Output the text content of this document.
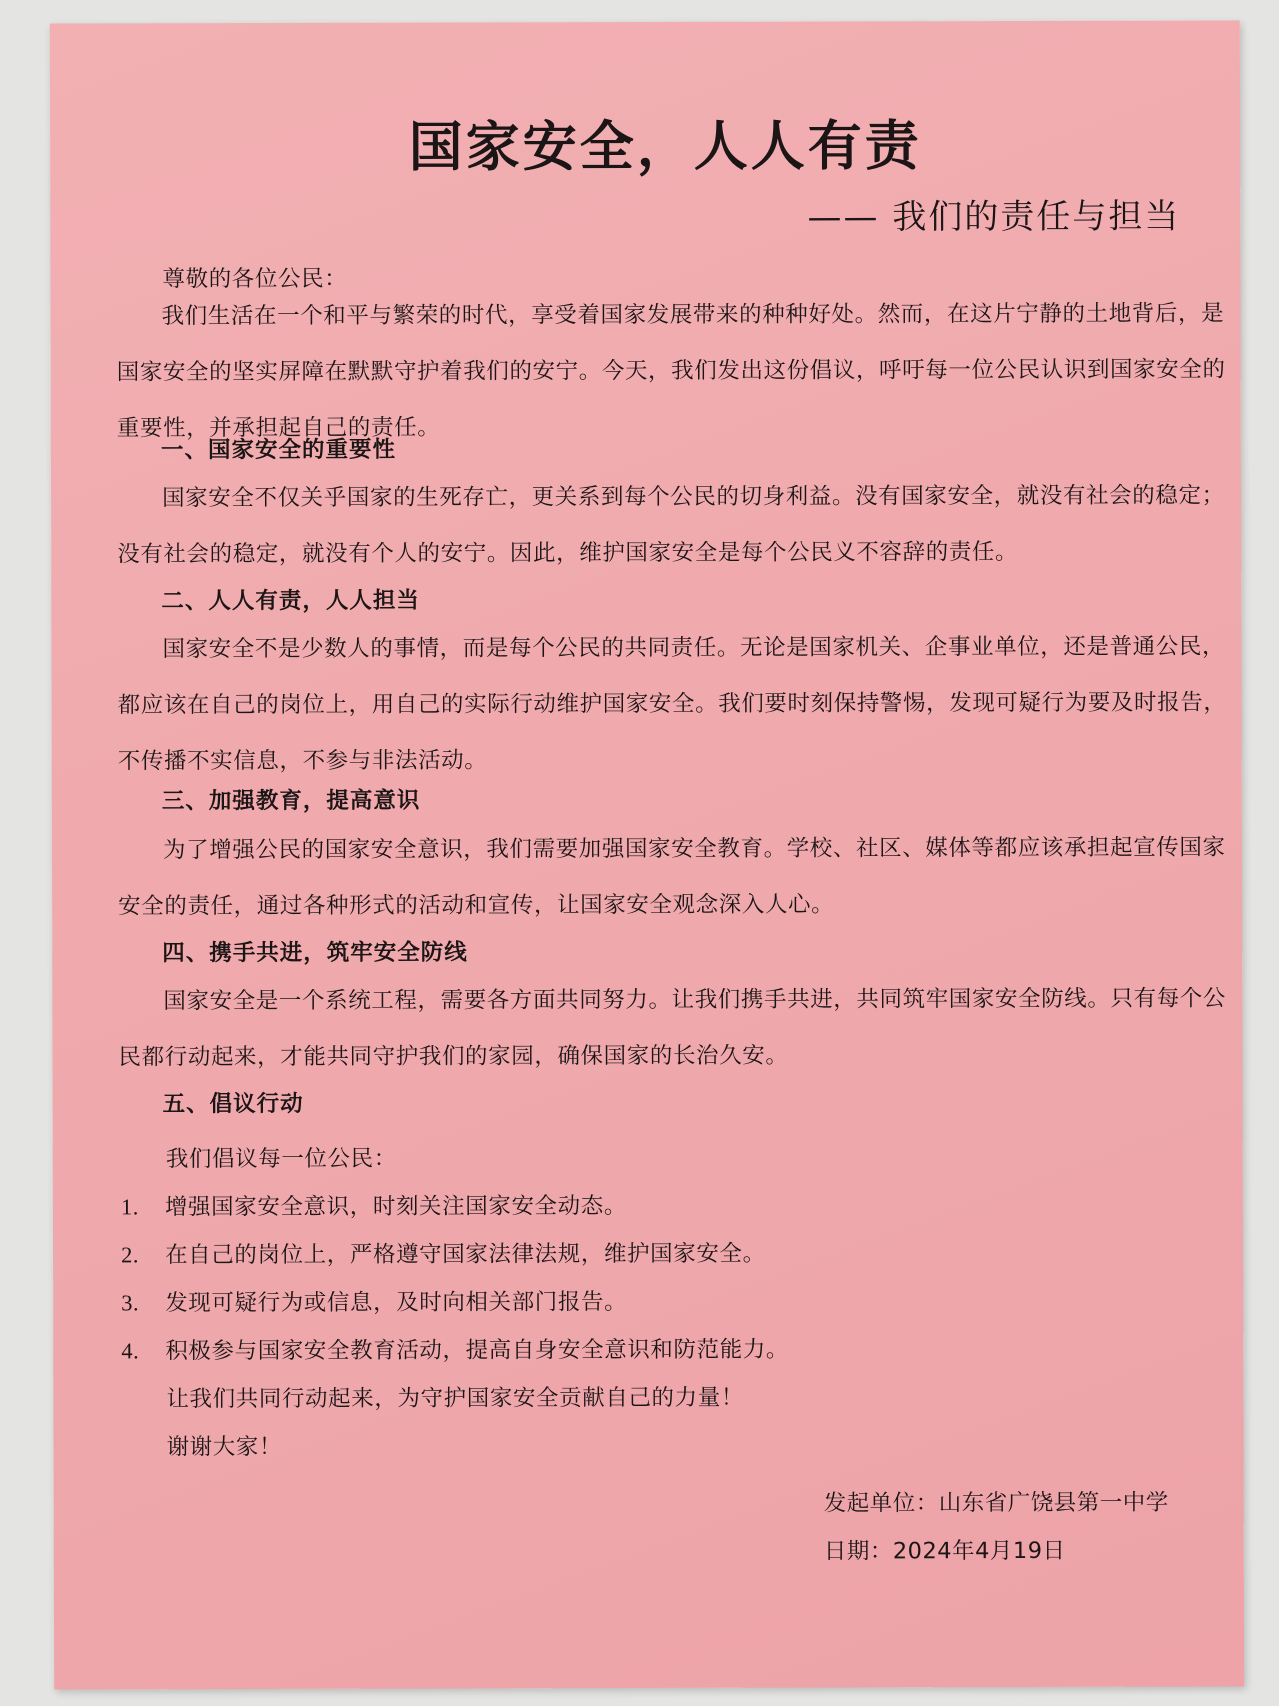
国家安全，人人有责
—— 我们的责任与担当
尊敬的各位公民：
我们生活在一个和平与繁荣的时代，享受着国家发展带来的种种好处。然而，在这片宁静的土地背后，是国家安全的坚实屏障在默默守护着我们的安宁。今天，我们发出这份倡议，呼吁每一位公民认识到国家安全的重要性，并承担起自己的责任。
一、国家安全的重要性
国家安全不仅关乎国家的生死存亡，更关系到每个公民的切身利益。没有国家安全，就没有社会的稳定；没有社会的稳定，就没有个人的安宁。因此，维护国家安全是每个公民义不容辞的责任。
二、人人有责，人人担当
国家安全不是少数人的事情，而是每个公民的共同责任。无论是国家机关、企事业单位，还是普通公民，都应该在自己的岗位上，用自己的实际行动维护国家安全。我们要时刻保持警惕，发现可疑行为要及时报告，不传播不实信息，不参与非法活动。
三、加强教育，提高意识
为了增强公民的国家安全意识，我们需要加强国家安全教育。学校、社区、媒体等都应该承担起宣传国家安全的责任，通过各种形式的活动和宣传，让国家安全观念深入人心。
四、携手共进，筑牢安全防线
国家安全是一个系统工程，需要各方面共同努力。让我们携手共进，共同筑牢国家安全防线。只有每个公民都行动起来，才能共同守护我们的家园，确保国家的长治久安。
五、倡议行动
我们倡议每一位公民：
1. 增强国家安全意识，时刻关注国家安全动态。
2. 在自己的岗位上，严格遵守国家法律法规，维护国家安全。
3. 发现可疑行为或信息，及时向相关部门报告。
4. 积极参与国家安全教育活动，提高自身安全意识和防范能力。
让我们共同行动起来，为守护国家安全贡献自己的力量！
谢谢大家！
发起单位：山东省广饶县第一中学
日期：2024年4月19日
